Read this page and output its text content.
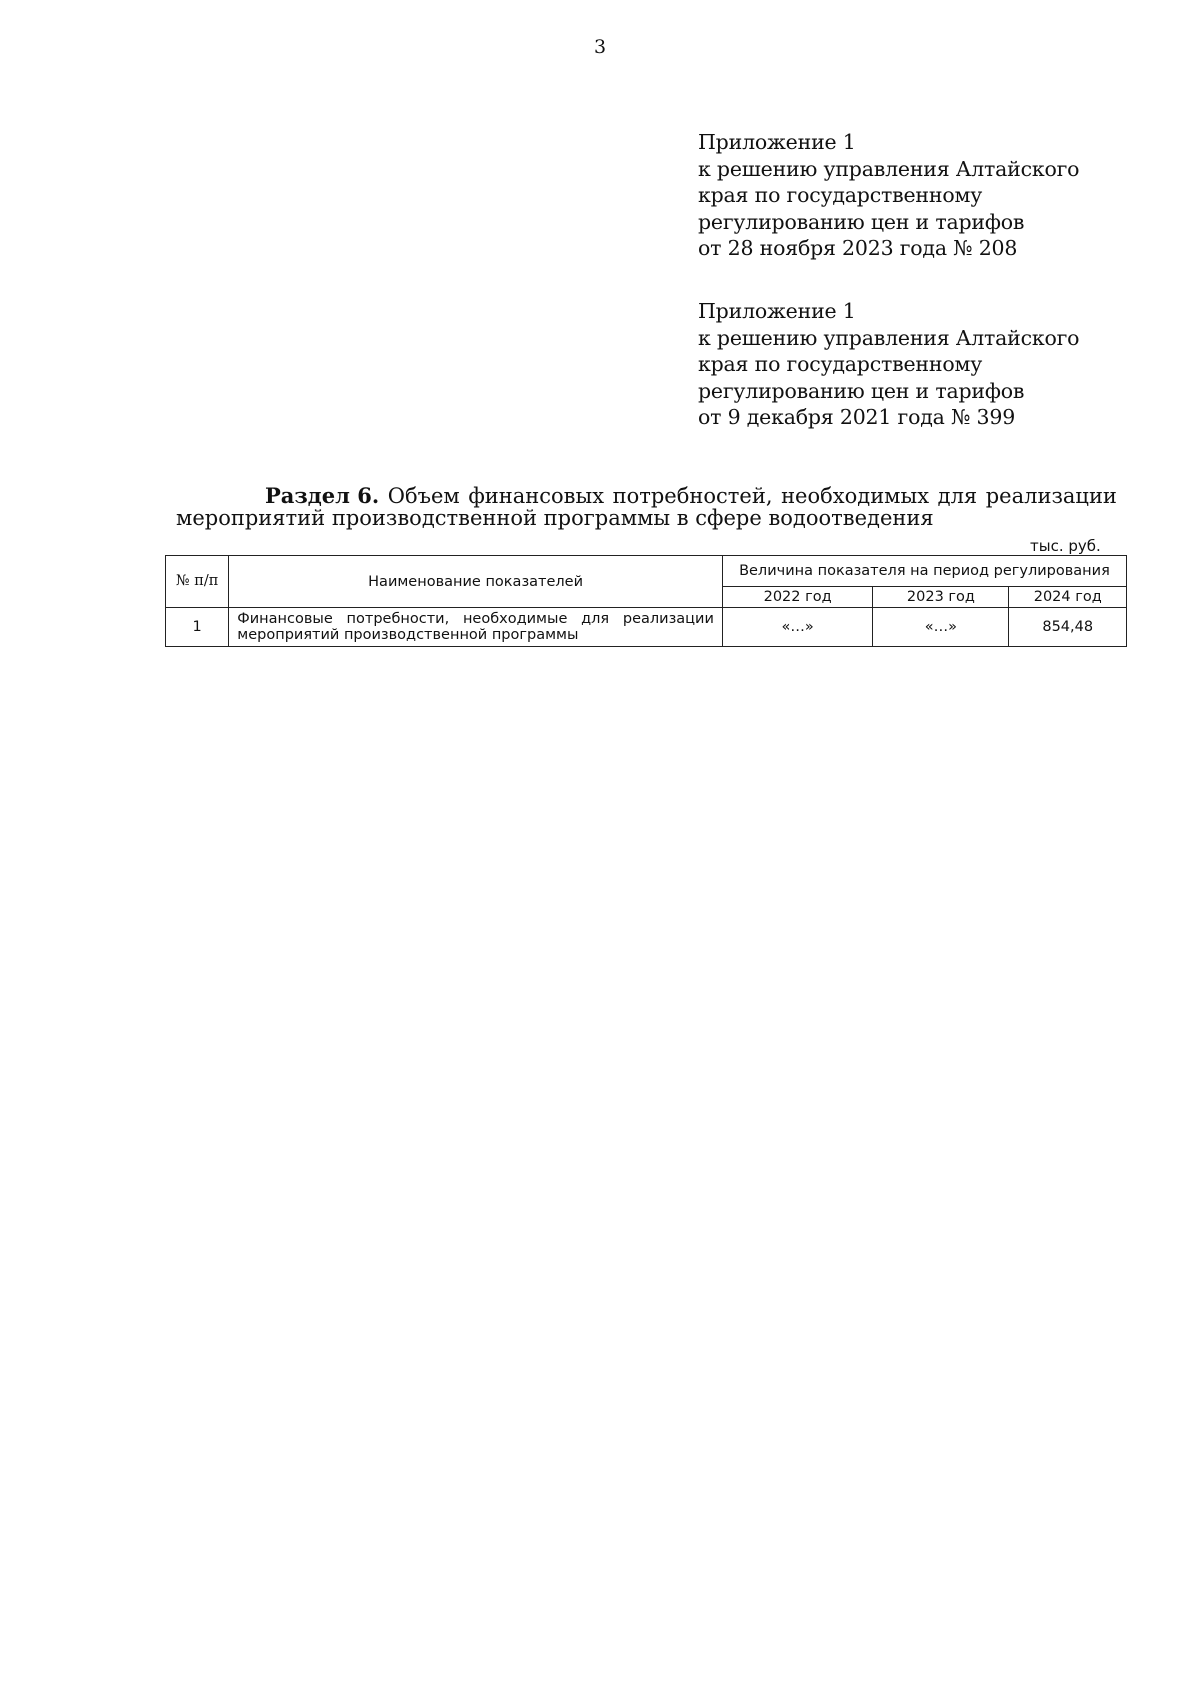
3
Приложение 1
к решению управления Алтайского
края по государственному
регулированию цен и тарифов
от 28 ноября 2023 года № 208
Приложение 1
к решению управления Алтайского
края по государственному
регулированию цен и тарифов
от 9 декабря 2021 года № 399
Раздел 6. Объем финансовых потребностей, необходимых для реализации
мероприятий производственной программы в сфере водоотведения
тыс. руб.
№ п/п	Наименование показателей	Величина показателя на период регулирования		
		2022 год	2023 год	2024 год
1	Финансовые потребности, необходимые для реализации мероприятий производственной программы	«…»	«…»	854,48
